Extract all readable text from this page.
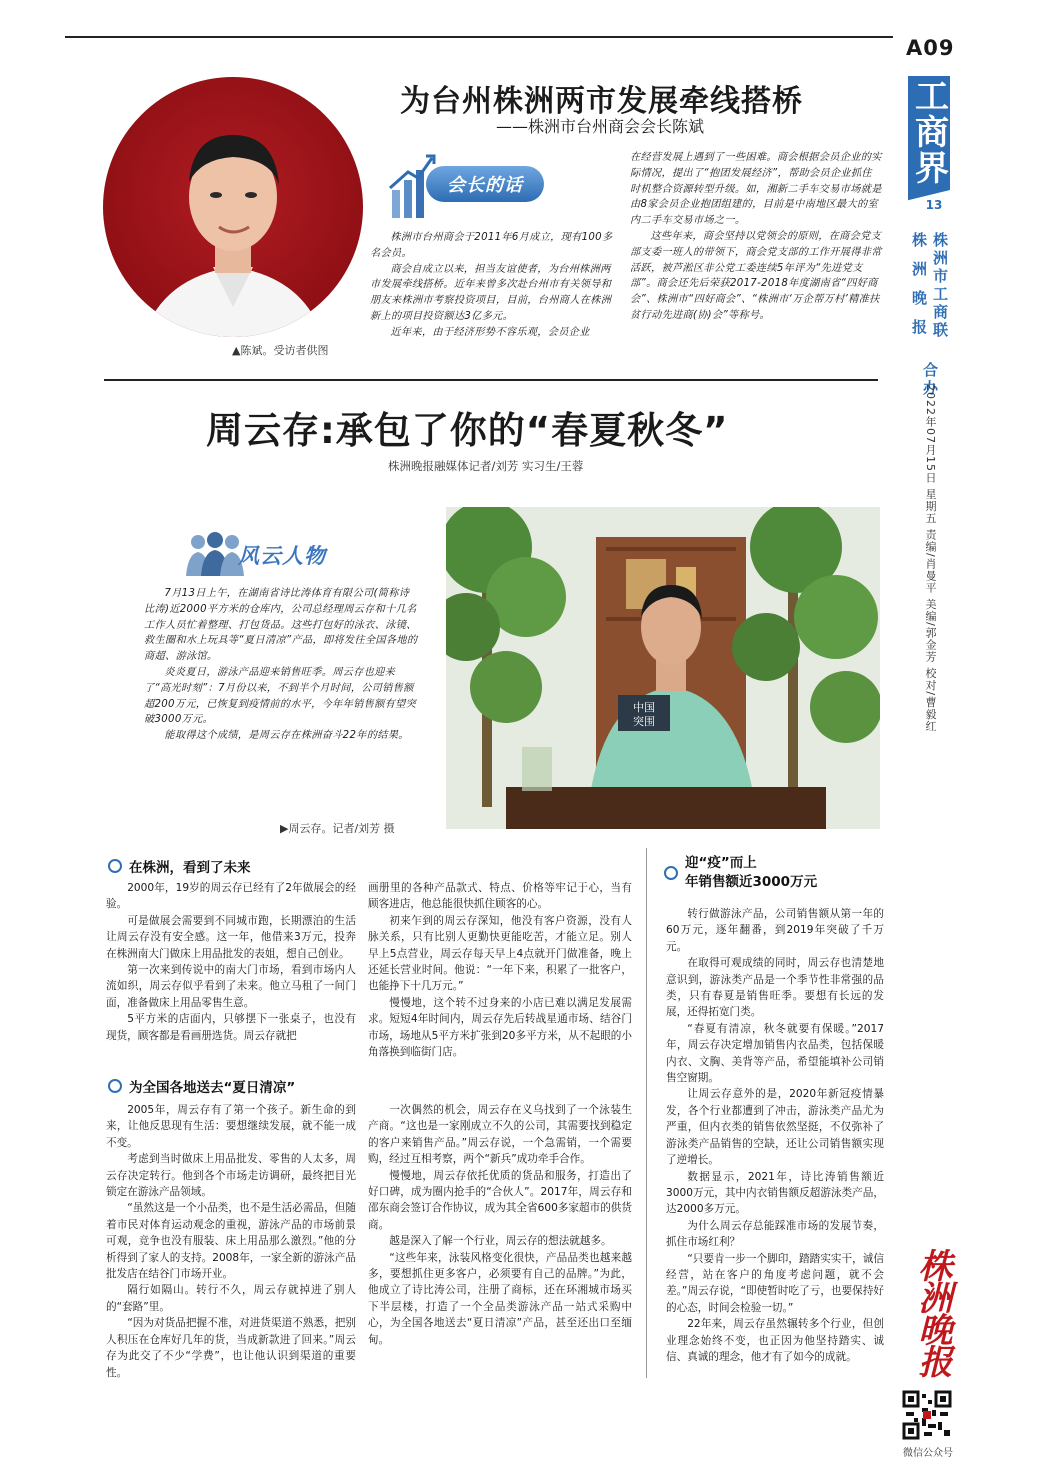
A09
工商界
13
株洲市工商联
株洲晚报
合办
2022年07月15日 星期五 责编/肖曼平 美编/郭金芳 校对/曹毅红
株洲晚报
微信公众号
▲陈斌。受访者供图
为台州株洲两市发展牵线搭桥
——株洲市台州商会会长陈斌
会长的话

株洲市台州商会于2011年6月成立，现有100多名会员。

商会自成立以来，担当友谊使者，为台州株洲两市发展牵线搭桥。近年来曾多次赴台州市有关领导和朋友来株洲市考察投资项目，目前，台州商人在株洲新上的项目投资额达3亿多元。

近年来，由于经济形势不容乐观，会员企业

在经营发展上遇到了一些困难。商会根据会员企业的实际情况，提出了“抱团发展经济”，帮助会员企业抓住时机整合资源转型升级。如，湘新二手车交易市场就是由8家会员企业抱团组建的，目前是中南地区最大的室内二手车交易市场之一。

这些年来，商会坚持以党领会的原则，在商会党支部支委一班人的带领下，商会党支部的工作开展得非常活跃，被芦淞区非公党工委连续5年评为“先进党支部”。商会还先后荣获2017-2018年度湖南省“四好商会”、株洲市“四好商会”、“株洲市‘万企帮万村’精准扶贫行动先进商(协)会”等称号。

周云存:承包了你的“春夏秋冬”
株洲晚报融媒体记者/刘芳 实习生/王蓉
中国
突围
▶周云存。记者/刘芳 摄
风云人物

7月13日上午，在湖南省诗比涛体育有限公司(简称诗比涛)近2000平方米的仓库内，公司总经理周云存和十几名工作人员忙着整理、打包货品。这些打包好的泳衣、泳镜、救生圈和水上玩具等“夏日清凉”产品，即将发往全国各地的商超、游泳馆。

炎炎夏日，游泳产品迎来销售旺季。周云存也迎来了“高光时刻”：7月份以来，不到半个月时间，公司销售额超200万元，已恢复到疫情前的水平，今年年销售额有望突破3000万元。

能取得这个成绩，是周云存在株洲奋斗22年的结果。

在株洲，看到了未来

2000年，19岁的周云存已经有了2年做展会的经验。

可是做展会需要到不同城市跑，长期漂泊的生活让周云存没有安全感。这一年，他借来3万元，投奔在株洲南大门做床上用品批发的表姐，想自己创业。

第一次来到传说中的南大门市场，看到市场内人流如织，周云存似乎看到了未来。他立马租了一间门面，准备做床上用品零售生意。

5平方米的店面内，只够摆下一张桌子，也没有现货，顾客都是看画册选货。周云存就把

画册里的各种产品款式、特点、价格等牢记于心，当有顾客进店，他总能很快抓住顾客的心。

初来乍到的周云存深知，他没有客户资源，没有人脉关系，只有比别人更勤快更能吃苦，才能立足。别人早上5点营业，周云存每天早上4点就开门做准备，晚上还延长营业时间。他说：“一年下来，积累了一批客户，也能挣下十几万元。”

慢慢地，这个转不过身来的小店已难以满足发展需求。短短4年时间内，周云存先后转战星通市场、结谷门市场，场地从5平方米扩张到20多平方米，从不起眼的小角落换到临街门店。

为全国各地送去“夏日清凉”

2005年，周云存有了第一个孩子。新生命的到来，让他反思现有生活：要想继续发展，就不能一成不变。

考虑到当时做床上用品批发、零售的人太多，周云存决定转行。他到各个市场走访调研，最终把目光锁定在游泳产品领域。

“虽然这是一个小品类，也不是生活必需品，但随着市民对体育运动观念的重视，游泳产品的市场前景可观，竞争也没有服装、床上用品那么激烈。”他的分析得到了家人的支持。2008年，一家全新的游泳产品批发店在结谷门市场开业。

隔行如隔山。转行不久，周云存就掉进了别人的“套路”里。

“因为对货品把握不准，对进货渠道不熟悉，把别人积压在仓库好几年的货，当成新款进了回来。”周云存为此交了不少“学费”，也让他认识到渠道的重要性。

一次偶然的机会，周云存在义乌找到了一个泳装生产商。“这也是一家刚成立不久的公司，其需要找到稳定的客户来销售产品。”周云存说，一个急需销，一个需要购，经过互相考察，两个“新兵”成功牵手合作。

慢慢地，周云存依托优质的货品和服务，打造出了好口碑，成为圈内抢手的“合伙人”。2017年，周云存和邵东商会签订合作协议，成为其全省600多家超市的供货商。

越是深入了解一个行业，周云存的想法就越多。

“这些年来，泳装风格变化很快，产品品类也越来越多，要想抓住更多客户，必须要有自己的品牌。”为此，他成立了诗比涛公司，注册了商标，还在环湘城市场买下半层楼，打造了一个全品类游泳产品一站式采购中心，为全国各地送去“夏日清凉”产品，甚至还出口至缅甸。

迎“疫”而上
年销售额近3000万元

转行做游泳产品，公司销售额从第一年的60万元，逐年翻番，到2019年突破了千万元。

在取得可观成绩的同时，周云存也清楚地意识到，游泳类产品是一个季节性非常强的品类，只有春夏是销售旺季。要想有长远的发展，还得拓宽门类。

“春夏有清凉，秋冬就要有保暖。”2017年，周云存决定增加销售内衣品类，包括保暖内衣、文胸、美背等产品，希望能填补公司销售空窗期。

让周云存意外的是，2020年新冠疫情暴发，各个行业都遭到了冲击，游泳类产品尤为严重，但内衣类的销售依然坚挺，不仅弥补了游泳类产品销售的空缺，还让公司销售额实现了逆增长。

数据显示，2021年，诗比涛销售额近3000万元，其中内衣销售额反超游泳类产品，达2000多万元。

为什么周云存总能踩准市场的发展节奏，抓住市场红利？

“只要肯一步一个脚印，踏踏实实干，诚信经营，站在客户的角度考虑问题，就不会差。”周云存说，“即使暂时吃了亏，也要保持好的心态，时间会检验一切。”

22年来，周云存虽然辗转多个行业，但创业理念始终不变，也正因为他坚持踏实、诚信、真诚的理念，他才有了如今的成就。
